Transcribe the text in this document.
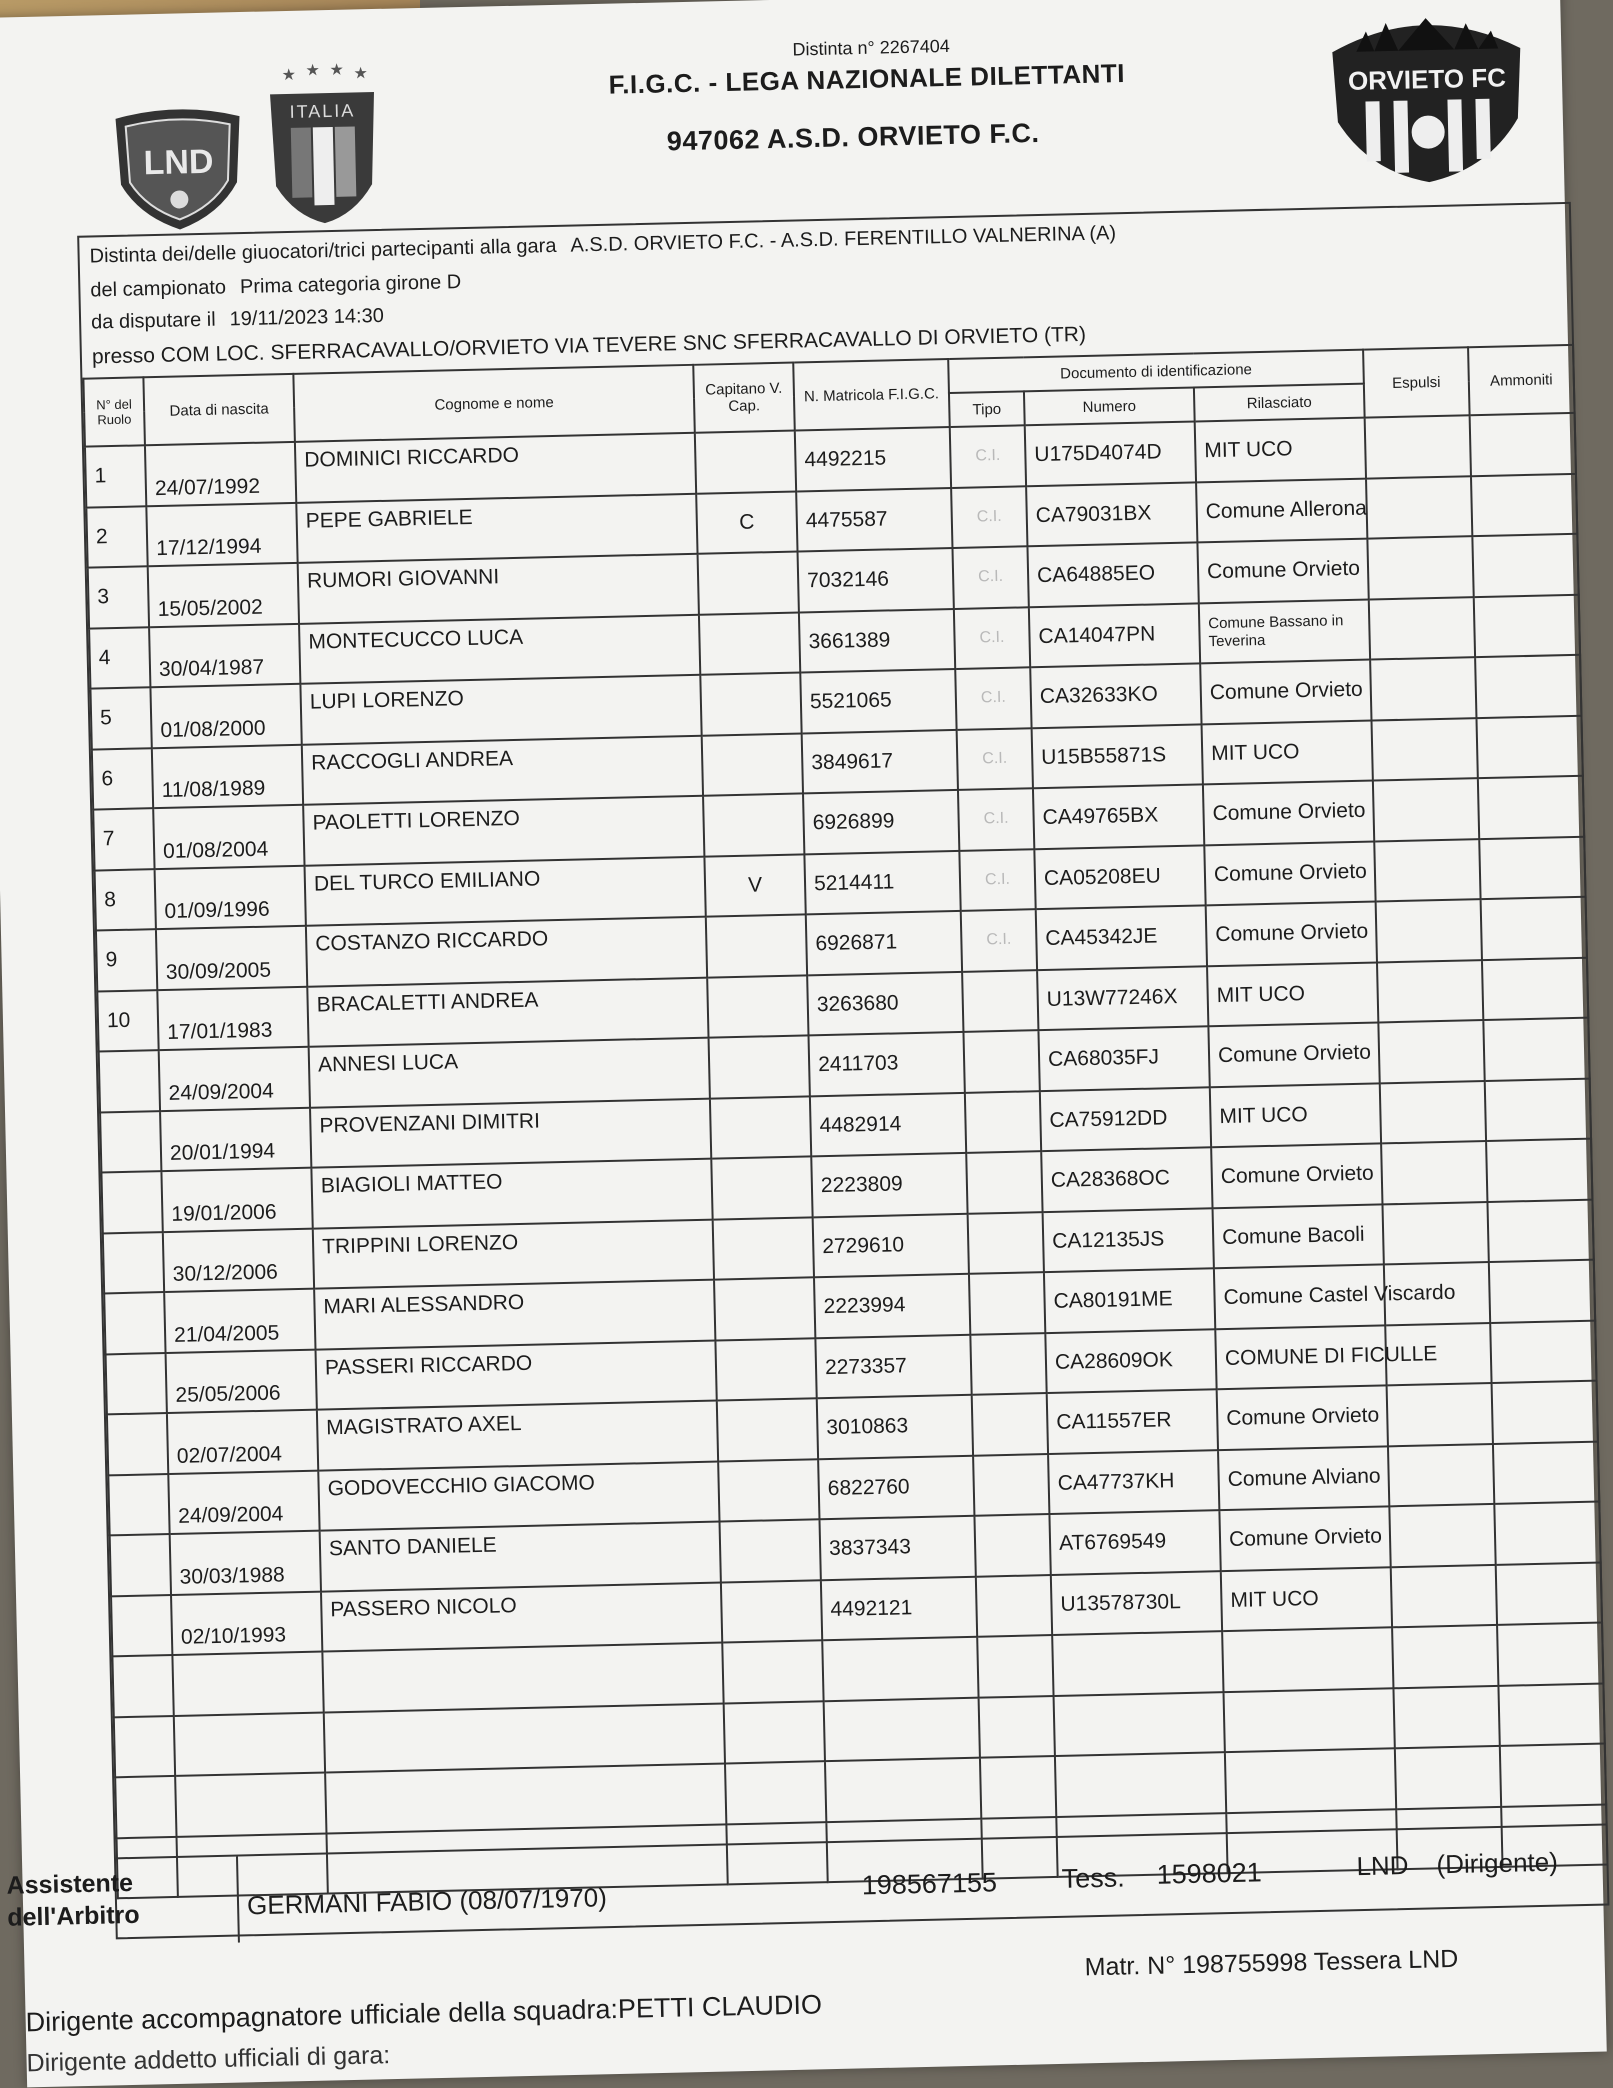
Distinta n° 2267404
F.I.G.C. - LEGA NAZIONALE DILETTANTI
947062 A.S.D. ORVIETO F.C.
LND
★ ★ ★ ★
ITALIA
ORVIETO FC
Distinta dei/delle giuocatori/trici partecipanti alla gara A.S.D. ORVIETO F.C. - A.S.D. FERENTILLO VALNERINA (A)
del campionato Prima categoria girone D
da disputare il 19/11/2023 14:30
presso COM LOC. SFERRACAVALLO/ORVIETO VIA TEVERE SNC SFERRACAVALLO DI ORVIETO (TR)
N° del Ruolo	Data di nascita	Cognome e nome	Capitano V. Cap.	N. Matricola F.I.G.C.	Documento di identificazione			Espulsi	Ammoniti
					Tipo	Numero	Rilasciato		
1	24/07/1992	DOMINICI RICCARDO		4492215	C.I.	U175D4074D	MIT UCO		
2	17/12/1994	PEPE GABRIELE	C	4475587	C.I.	CA79031BX	Comune Allerona		
3	15/05/2002	RUMORI GIOVANNI		7032146	C.I.	CA64885EO	Comune Orvieto		
4	30/04/1987	MONTECUCCO LUCA		3661389	C.I.	CA14047PN	Comune Bassano in Teverina		
5	01/08/2000	LUPI LORENZO		5521065	C.I.	CA32633KO	Comune Orvieto		
6	11/08/1989	RACCOGLI ANDREA		3849617	C.I.	U15B55871S	MIT UCO		
7	01/08/2004	PAOLETTI LORENZO		6926899	C.I.	CA49765BX	Comune Orvieto		
8	01/09/1996	DEL TURCO EMILIANO	V	5214411	C.I.	CA05208EU	Comune Orvieto		
9	30/09/2005	COSTANZO RICCARDO		6926871	C.I.	CA45342JE	Comune Orvieto		
10	17/01/1983	BRACALETTI ANDREA		3263680		U13W77246X	MIT UCO		
	24/09/2004	ANNESI LUCA		2411703		CA68035FJ	Comune Orvieto		
	20/01/1994	PROVENZANI DIMITRI		4482914		CA75912DD	MIT UCO		
	19/01/2006	BIAGIOLI MATTEO		2223809		CA28368OC	Comune Orvieto		
	30/12/2006	TRIPPINI LORENZO		2729610		CA12135JS	Comune Bacoli		
	21/04/2005	MARI ALESSANDRO		2223994		CA80191ME	Comune Castel Viscardo		
	25/05/2006	PASSERI RICCARDO		2273357		CA28609OK	COMUNE DI FICULLE		
	02/07/2004	MAGISTRATO AXEL		3010863		CA11557ER	Comune Orvieto		
	24/09/2004	GODOVECCHIO GIACOMO		6822760		CA47737KH	Comune Alviano		
	30/03/1988	SANTO DANIELE		3837343		AT6769549	Comune Orvieto		
	02/10/1993	PASSERO NICOLO		4492121		U13578730L	MIT UCO		

Assistente dell'Arbitro	GERMANI FABIO (08/07/1970)	198567155 Tess. 1598021	LND (Dirigente)
Matr. N° 198755998 Tessera LND
Dirigente accompagnatore ufficiale della squadra:PETTI CLAUDIO
Dirigente addetto ufficiali di gara:
